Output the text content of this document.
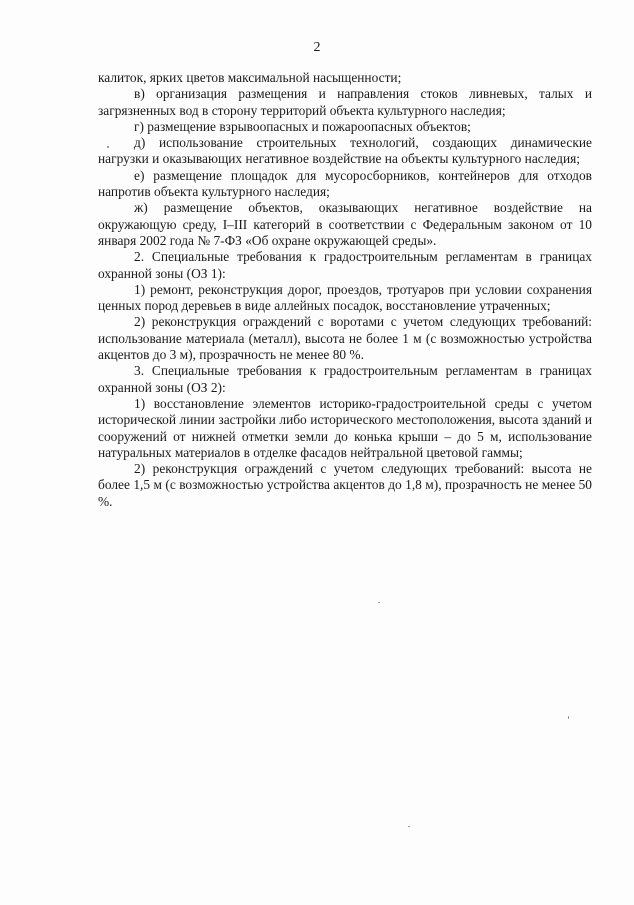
2

калиток, ярких цветов максимальной насыщенности;

в) организация размещения и направления стоков ливневых, талых и загрязненных вод в сторону территорий объекта культурного наследия;

г) размещение взрывоопасных и пожароопасных объектов;

д) использование строительных технологий, создающих динамические нагрузки и оказывающих негативное воздействие на объекты культурного наследия;

е) размещение площадок для мусоросборников, контейнеров для отходов напротив объекта культурного наследия;

ж) размещение объектов, оказывающих негативное воздействие на окружающую среду, I–III категорий в соответствии с Федеральным законом от 10 января 2002 года № 7-ФЗ «Об охране окружающей среды».

2. Специальные требования к градостроительным регламентам в границах охранной зоны (ОЗ 1):

1) ремонт, реконструкция дорог, проездов, тротуаров при условии сохранения ценных пород деревьев в виде аллейных посадок, восстановление утраченных;

2) реконструкция ограждений с воротами с учетом следующих требований: использование материала (металл), высота не более 1 м (с возможностью устройства акцентов до 3 м), прозрачность не менее 80 %.

3. Специальные требования к градостроительным регламентам в границах охранной зоны (ОЗ 2):

1) восстановление элементов историко-градостроительной среды с учетом исторической линии застройки либо исторического местоположения, высота зданий и сооружений от нижней отметки земли до конька крыши – до 5 м, использование натуральных материалов в отделке фасадов нейтральной цветовой гаммы;

2) реконструкция ограждений с учетом следующих требований: высота не более 1,5 м (с возможностью устройства акцентов до 1,8 м), прозрачность не менее 50 %.
